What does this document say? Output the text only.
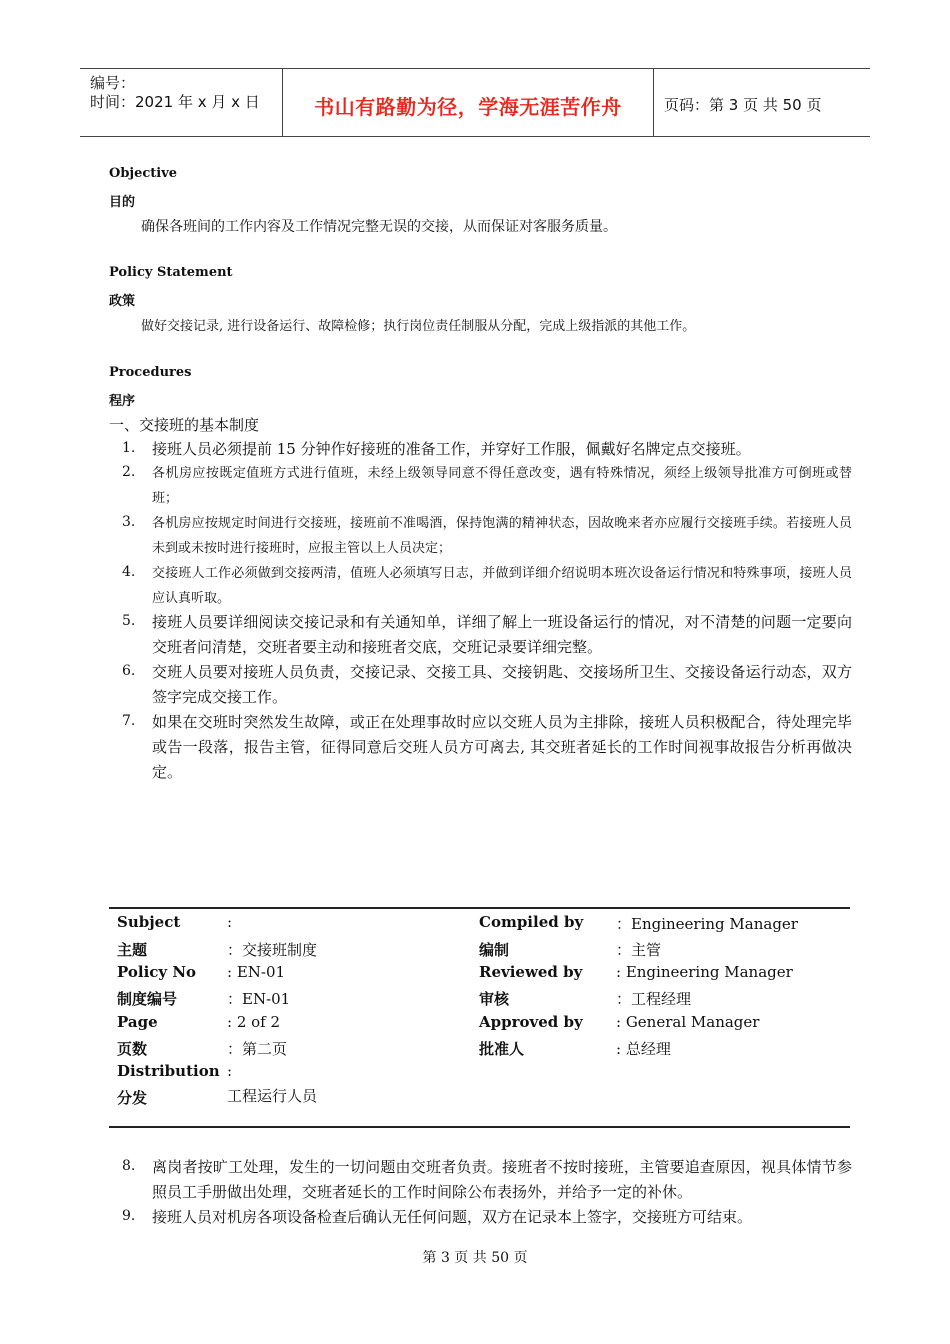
编号：
时间：2021 年 x 月 x 日	书山有路勤为径，学海无涯苦作舟	页码：第 3 页 共 50 页
Objective
目的
确保各班间的工作内容及工作情况完整无误的交接，从而保证对客服务质量。
Policy Statement
政策
做好交接记录, 进行设备运行、故障检修；执行岗位责任制服从分配，完成上级指派的其他工作。
Procedures
程序
一、交接班的基本制度
1. 接班人员必须提前 15 分钟作好接班的准备工作，并穿好工作服，佩戴好名牌定点交接班。
2. 各机房应按既定值班方式进行值班，未经上级领导同意不得任意改变，遇有特殊情况，须经上级领导批准方可倒班或替班；
3. 各机房应按规定时间进行交接班，接班前不准喝酒，保持饱满的精神状态，因故晚来者亦应履行交接班手续。若接班人员未到或未按时进行接班时，应报主管以上人员决定；
4. 交接班人工作必须做到交接两清，值班人必须填写日志，并做到详细介绍说明本班次设备运行情况和特殊事项，接班人员应认真听取。
5. 接班人员要详细阅读交接记录和有关通知单，详细了解上一班设备运行的情况，对不清楚的问题一定要向交班者问清楚，交班者要主动和接班者交底，交班记录要详细完整。
6. 交班人员要对接班人员负责，交接记录、交接工具、交接钥匙、交接场所卫生、交接设备运行动态，双方签字完成交接工作。
7. 如果在交班时突然发生故障，或正在处理事故时应以交班人员为主排除，接班人员积极配合，待处理完毕或告一段落，报告主管，征得同意后交班人员方可离去, 其交班者延长的工作时间视事故报告分析再做决定。
Subject	:
主题	：交接班制度
Policy No : EN-01
制度编号	：EN-01
Page	: 2 of 2
页数	：第二页
Distribution :
分发	工程运行人员
Compiled by ：Engineering Manager
编制	：主管
Reviewed by : Engineering Manager
审核	：工程经理
Approved by : General Manager
批准人	: 总经理
8. 离岗者按旷工处理，发生的一切问题由交班者负责。接班者不按时接班，主管要追查原因，视具体情节参照员工手册做出处理，交班者延长的工作时间除公布表扬外，并给予一定的补休。
9. 接班人员对机房各项设备检查后确认无任何问题，双方在记录本上签字，交接班方可结束。
第 3 页 共 50 页
